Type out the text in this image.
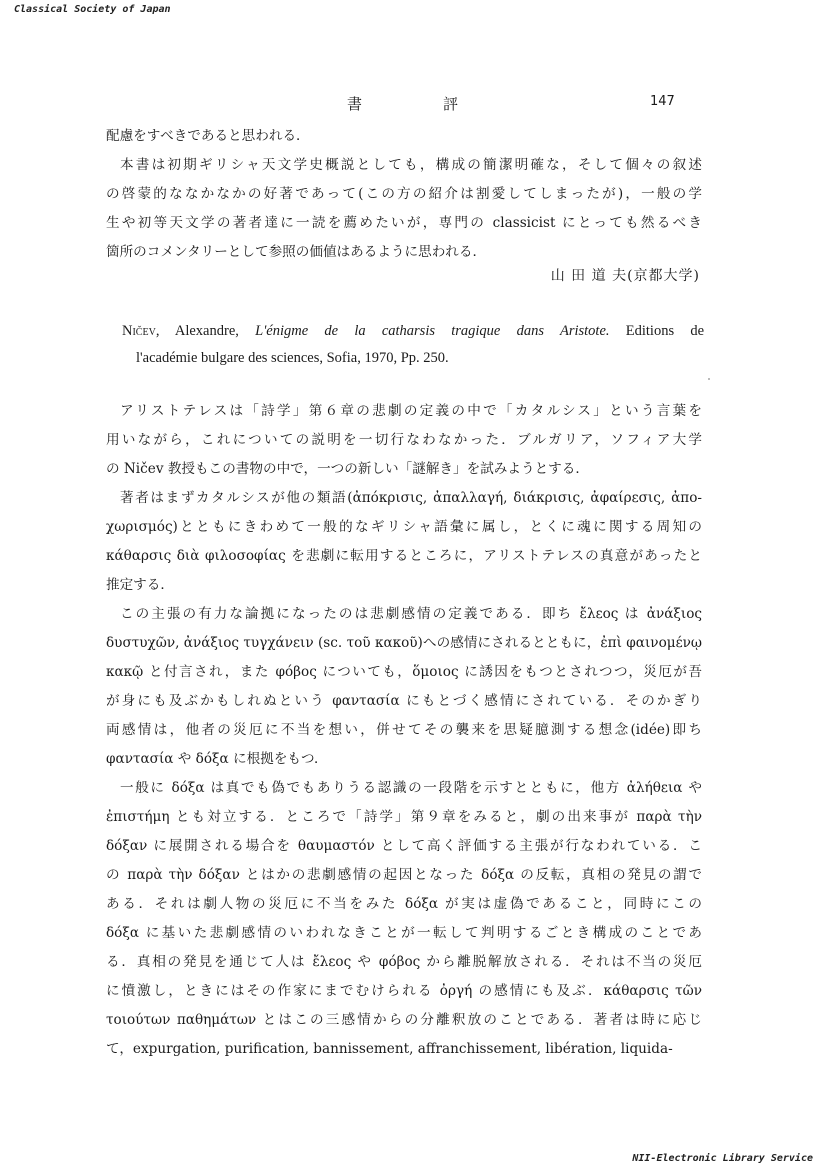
Classical Society of Japan
書	評	147
配慮をすべきであると思われる．
本書は初期ギリシャ天文学史概説としても，構成の簡潔明確な，そして個々の叙述
の啓蒙的ななかなかの好著であって(この方の紹介は割愛してしまったが)，一般の学
生や初等天文学の著者達に一読を薦めたいが，専門の classicist にとっても然るべき
箇所のコメンタリーとして参照の価値はあるように思われる．
山 田 道 夫(京都大学)
Ničev, Alexandre, L'énigme de la catharsis tragique dans Aristote. Editions de
l'académie bulgare des sciences, Sofia, 1970, Pp. 250.
アリストテレスは「詩学」第６章の悲劇の定義の中で「カタルシス」という言葉を
用いながら，これについての説明を一切行なわなかった．ブルガリア，ソフィア大学
の Ničev 教授もこの書物の中で，一つの新しい「謎解き」を試みようとする．
著者はまずカタルシスが他の類語(ἀπόκρισις, ἀπαλλαγή, διάκρισις, ἀφαίρεσις, ἀπο-
χωρισμός)とともにきわめて一般的なギリシャ語彙に属し，とくに魂に関する周知の
κάθαρσις διὰ φιλοσοφίας を悲劇に転用するところに，アリストテレスの真意があったと
推定する．
この主張の有力な論拠になったのは悲劇感情の定義である．即ち ἔλεος は ἀνάξιος
δυστυχῶν, ἀνάξιος τυγχάνειν (sc. τοῦ κακοῦ)への感情にされるとともに，ἐπὶ φαινομένῳ
κακῷ と付言され，また φόβος についても，ὅμοιος に誘因をもつとされつつ，災厄が吾
が身にも及ぶかもしれぬという φαντασία にもとづく感情にされている．そのかぎり
両感情は，他者の災厄に不当を想い，併せてその襲来を思疑臆測する想念(idée)即ち
φαντασία や δόξα に根拠をもつ．
一般に δόξα は真でも偽でもありうる認識の一段階を示すとともに，他方 ἀλήθεια や
ἐπιστήμη とも対立する．ところで「詩学」第９章をみると，劇の出来事が παρὰ τὴν
δόξαν に展開される場合を θαυμαστόν として高く評価する主張が行なわれている．こ
の παρὰ τὴν δόξαν とはかの悲劇感情の起因となった δόξα の反転，真相の発見の謂で
ある．それは劇人物の災厄に不当をみた δόξα が実は虚偽であること，同時にこの
δόξα に基いた悲劇感情のいわれなきことが一転して判明するごとき構成のことであ
る．真相の発見を通じて人は ἔλεος や φόβος から離脱解放される．それは不当の災厄
に憤激し，ときにはその作家にまでむけられる ὀργή の感情にも及ぶ．κάθαρσις τῶν
τοιούτων παθημάτων とはこの三感情からの分離釈放のことである．著者は時に応じ
て，expurgation, purification, bannissement, affranchissement, libération, liquida-
NII-Electronic Library Service
